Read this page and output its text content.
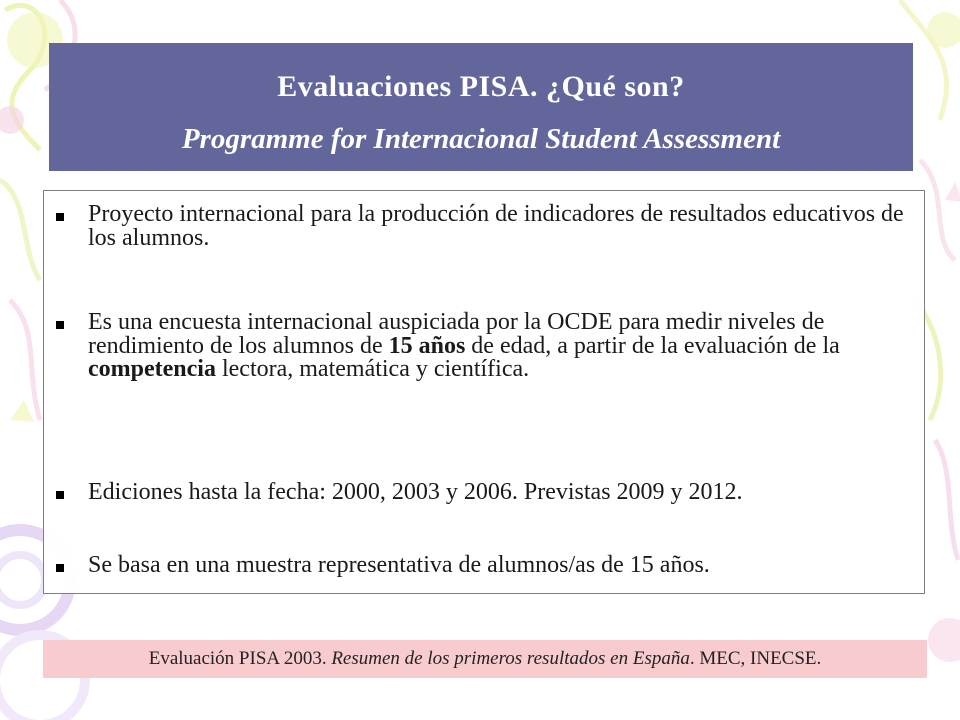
Evaluaciones PISA. ¿Qué son?
Programme for Internacional Student Assessment
Proyecto internacional para la producción de indicadores de resultados educativos de los alumnos.
Es una encuesta internacional auspiciada por la OCDE para medir niveles de rendimiento de los alumnos de 15 años de edad, a partir de la evaluación de la competencia lectora, matemática y científica.
Ediciones hasta la fecha: 2000, 2003 y 2006. Previstas 2009 y 2012.
Se basa en una muestra representativa de alumnos/as de 15 años.
Evaluación PISA 2003. Resumen de los primeros resultados en España. MEC, INECSE.
